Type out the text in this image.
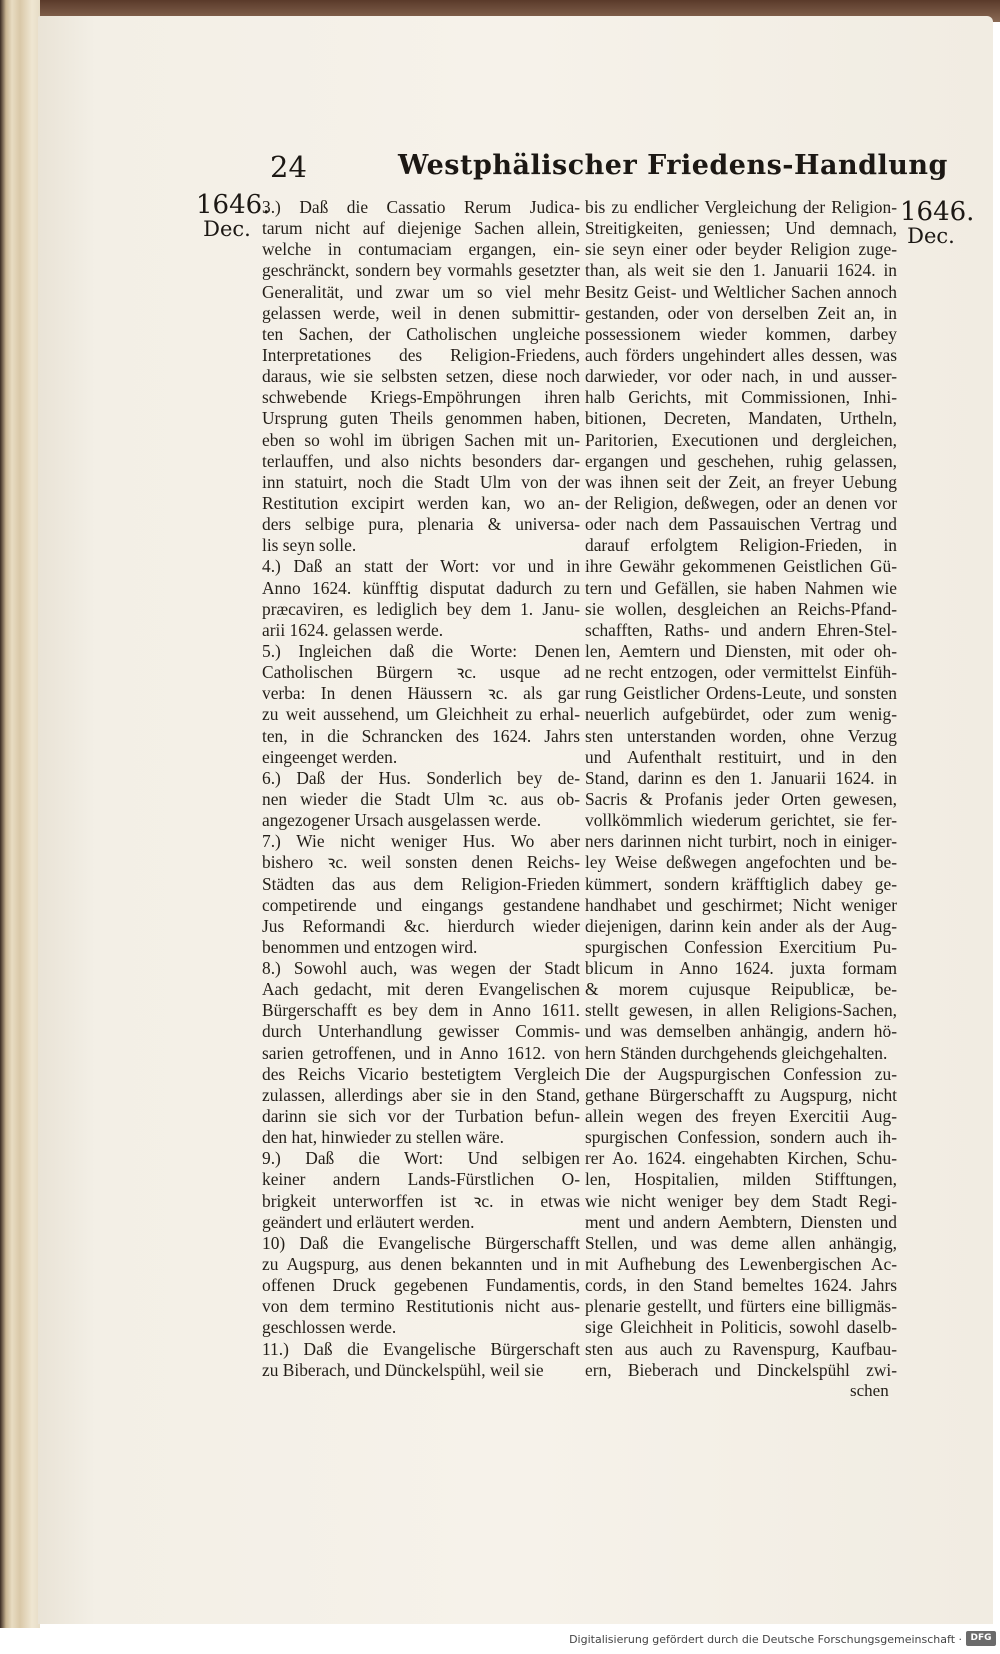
24	Westphälischer Friedens-Handlung
1646.
Dec.
1646.
Dec.
3.) Daß die Cassatio Rerum Judica-
tarum nicht auf diejenige Sachen allein,
welche in contumaciam ergangen, ein-
geschränckt, sondern bey vormahls gesetzter
Generalität, und zwar um so viel mehr
gelassen werde, weil in denen submittir-
ten Sachen, der Catholischen ungleiche
Interpretationes des Religion-Friedens,
daraus, wie sie selbsten setzen, diese noch
schwebende Kriegs-Empöhrungen ihren
Ursprung guten Theils genommen haben,
eben so wohl im übrigen Sachen mit un-
terlauffen, und also nichts besonders dar-
inn statuirt, noch die Stadt Ulm von der
Restitution excipirt werden kan, wo an-
ders selbige pura, plenaria & universa-
lis seyn solle.
4.) Daß an statt der Wort: vor und in
Anno 1624. künfftig disputat dadurch zu
præcaviren, es lediglich bey dem 1. Janu-
arii 1624. gelassen werde.
5.) Ingleichen daß die Worte: Denen
Catholischen Bürgern ꝛc. usque ad
verba: In denen Häussern ꝛc. als gar
zu weit aussehend, um Gleichheit zu erhal-
ten, in die Schrancken des 1624. Jahrs
eingeenget werden.
6.) Daß der Hus. Sonderlich bey de-
nen wieder die Stadt Ulm ꝛc. aus ob-
angezogener Ursach ausgelassen werde.
7.) Wie nicht weniger Hus. Wo aber
bishero ꝛc. weil sonsten denen Reichs-
Städten das aus dem Religion-Frieden
competirende und eingangs gestandene
Jus Reformandi &c. hierdurch wieder
benommen und entzogen wird.
8.) Sowohl auch, was wegen der Stadt
Aach gedacht, mit deren Evangelischen
Bürgerschafft es bey dem in Anno 1611.
durch Unterhandlung gewisser Commis-
sarien getroffenen, und in Anno 1612. von
des Reichs Vicario bestetigtem Vergleich
zulassen, allerdings aber sie in den Stand,
darinn sie sich vor der Turbation befun-
den hat, hinwieder zu stellen wäre.
9.) Daß die Wort: Und selbigen
keiner andern Lands-Fürstlichen O-
brigkeit unterworffen ist ꝛc. in etwas
geändert und erläutert werden.
10) Daß die Evangelische Bürgerschafft
zu Augspurg, aus denen bekannten und in
offenen Druck gegebenen Fundamentis,
von dem termino Restitutionis nicht aus-
geschlossen werde.
11.) Daß die Evangelische Bürgerschaft
zu Biberach, und Dünckelspühl, weil sie
bis zu endlicher Vergleichung der Religion-
Streitigkeiten, geniessen; Und demnach,
sie seyn einer oder beyder Religion zuge-
than, als weit sie den 1. Januarii 1624. in
Besitz Geist- und Weltlicher Sachen annoch
gestanden, oder von derselben Zeit an, in
possessionem wieder kommen, darbey
auch förders ungehindert alles dessen, was
darwieder, vor oder nach, in und ausser-
halb Gerichts, mit Commissionen, Inhi-
bitionen, Decreten, Mandaten, Urtheln,
Paritorien, Executionen und dergleichen,
ergangen und geschehen, ruhig gelassen,
was ihnen seit der Zeit, an freyer Uebung
der Religion, deßwegen, oder an denen vor
oder nach dem Passauischen Vertrag und
darauf erfolgtem Religion-Frieden, in
ihre Gewähr gekommenen Geistlichen Gü-
tern und Gefällen, sie haben Nahmen wie
sie wollen, desgleichen an Reichs-Pfand-
schafften, Raths- und andern Ehren-Stel-
len, Aemtern und Diensten, mit oder oh-
ne recht entzogen, oder vermittelst Einfüh-
rung Geistlicher Ordens-Leute, und sonsten
neuerlich aufgebürdet, oder zum wenig-
sten unterstanden worden, ohne Verzug
und Aufenthalt restituirt, und in den
Stand, darinn es den 1. Januarii 1624. in
Sacris & Profanis jeder Orten gewesen,
vollkömmlich wiederum gerichtet, sie fer-
ners darinnen nicht turbirt, noch in einiger-
ley Weise deßwegen angefochten und be-
kümmert, sondern kräfftiglich dabey ge-
handhabet und geschirmet; Nicht weniger
diejenigen, darinn kein ander als der Aug-
spurgischen Confession Exercitium Pu-
blicum in Anno 1624. juxta formam
& morem cujusque Reipublicæ, be-
stellt gewesen, in allen Religions-Sachen,
und was demselben anhängig, andern hö-
hern Ständen durchgehends gleichgehalten.
Die der Augspurgischen Confession zu-
gethane Bürgerschafft zu Augspurg, nicht
allein wegen des freyen Exercitii Aug-
spurgischen Confession, sondern auch ih-
rer Ao. 1624. eingehabten Kirchen, Schu-
len, Hospitalien, milden Stifftungen,
wie nicht weniger bey dem Stadt Regi-
ment und andern Aembtern, Diensten und
Stellen, und was deme allen anhängig,
mit Aufhebung des Lewenbergischen Ac-
cords, in den Stand bemeltes 1624. Jahrs
plenarie gestellt, und fürters eine billigmäs-
sige Gleichheit in Politicis, sowohl daselb-
sten aus auch zu Ravenspurg, Kaufbau-
ern, Bieberach und Dinckelspühl zwi-
schen
Digitalisierung gefördert durch die Deutsche Forschungsgemeinschaft · DFG
